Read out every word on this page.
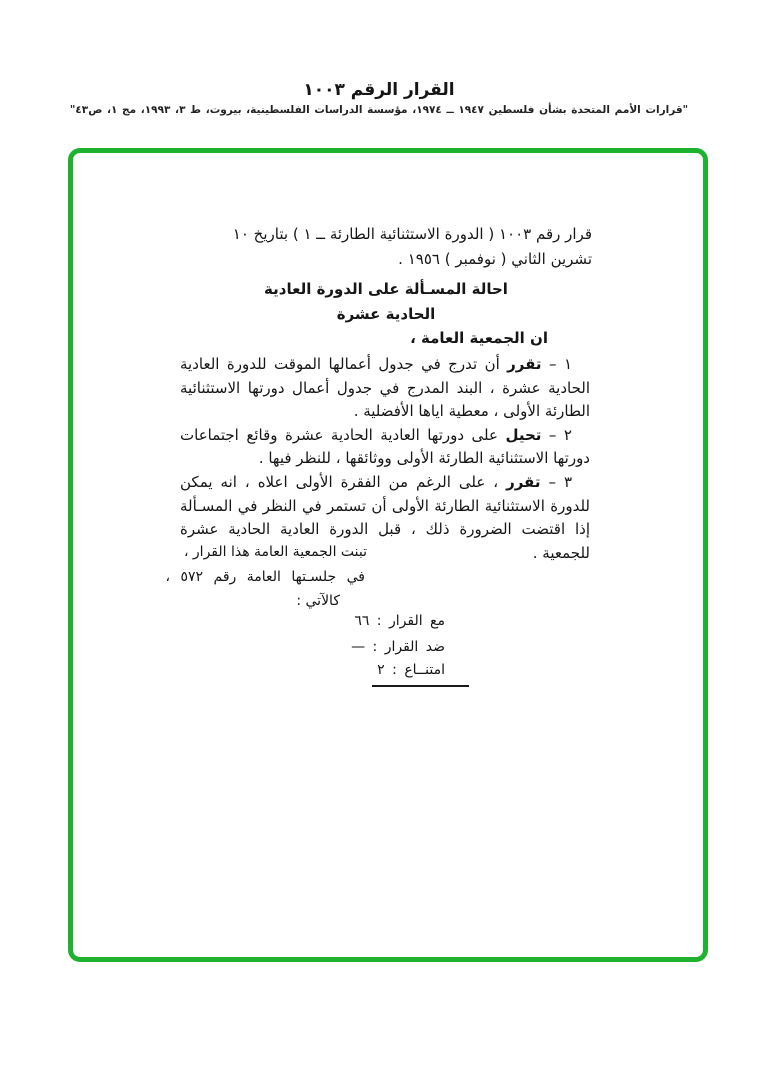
القرار الرقم ١٠٠٣
"قرارات الأمم المتحدة بشأن فلسطين ١٩٤٧ ــ ١٩٧٤، مؤسسة الدراسات الفلسطينية، بيروت، ط ٣، ١٩٩٣، مج ١، ص٤٣"
قرار رقم ١٠٠٣ ( الدورة الاستثنائية الطارئة ــ ١ ) بتاريخ ١٠
تشرين الثاني ( نوفمبر ) ١٩٥٦ .
احالة المسـألة على الدورة العادية
الحادية عشرة
ان الجمعية العامة ،

١ – تقرر أن تدرج في جدول أعمالها الموقت للدورة العادية الحادية عشرة ، البند المدرج في جدول أعمال دورتها الاستثنائية الطارئة الأولى ، معطية اياها الأفضلية .

٢ – تحيل على دورتها العادية الحادية عشرة وقائع اجتماعات دورتها الاستثنائية الطارئة الأولى ووثائقها ، للنظر فيها .

٣ – تقرر ، على الرغم من الفقرة الأولى اعلاه ، انه يمكن للدورة الاستثنائية الطارئة الأولى أن تستمر في النظر في المسـألة إذا اقتضت الضرورة ذلك ، قبل الدورة العادية الحادية عشرة للجمعية .

تبنت الجمعية العامة هذا القرار ،
في جلسـتها العامة رقم ٥٧٢ ،
كالآتي :
مع القرار : ٦٦
ضد القرار : —
امتنــاع : ٢
